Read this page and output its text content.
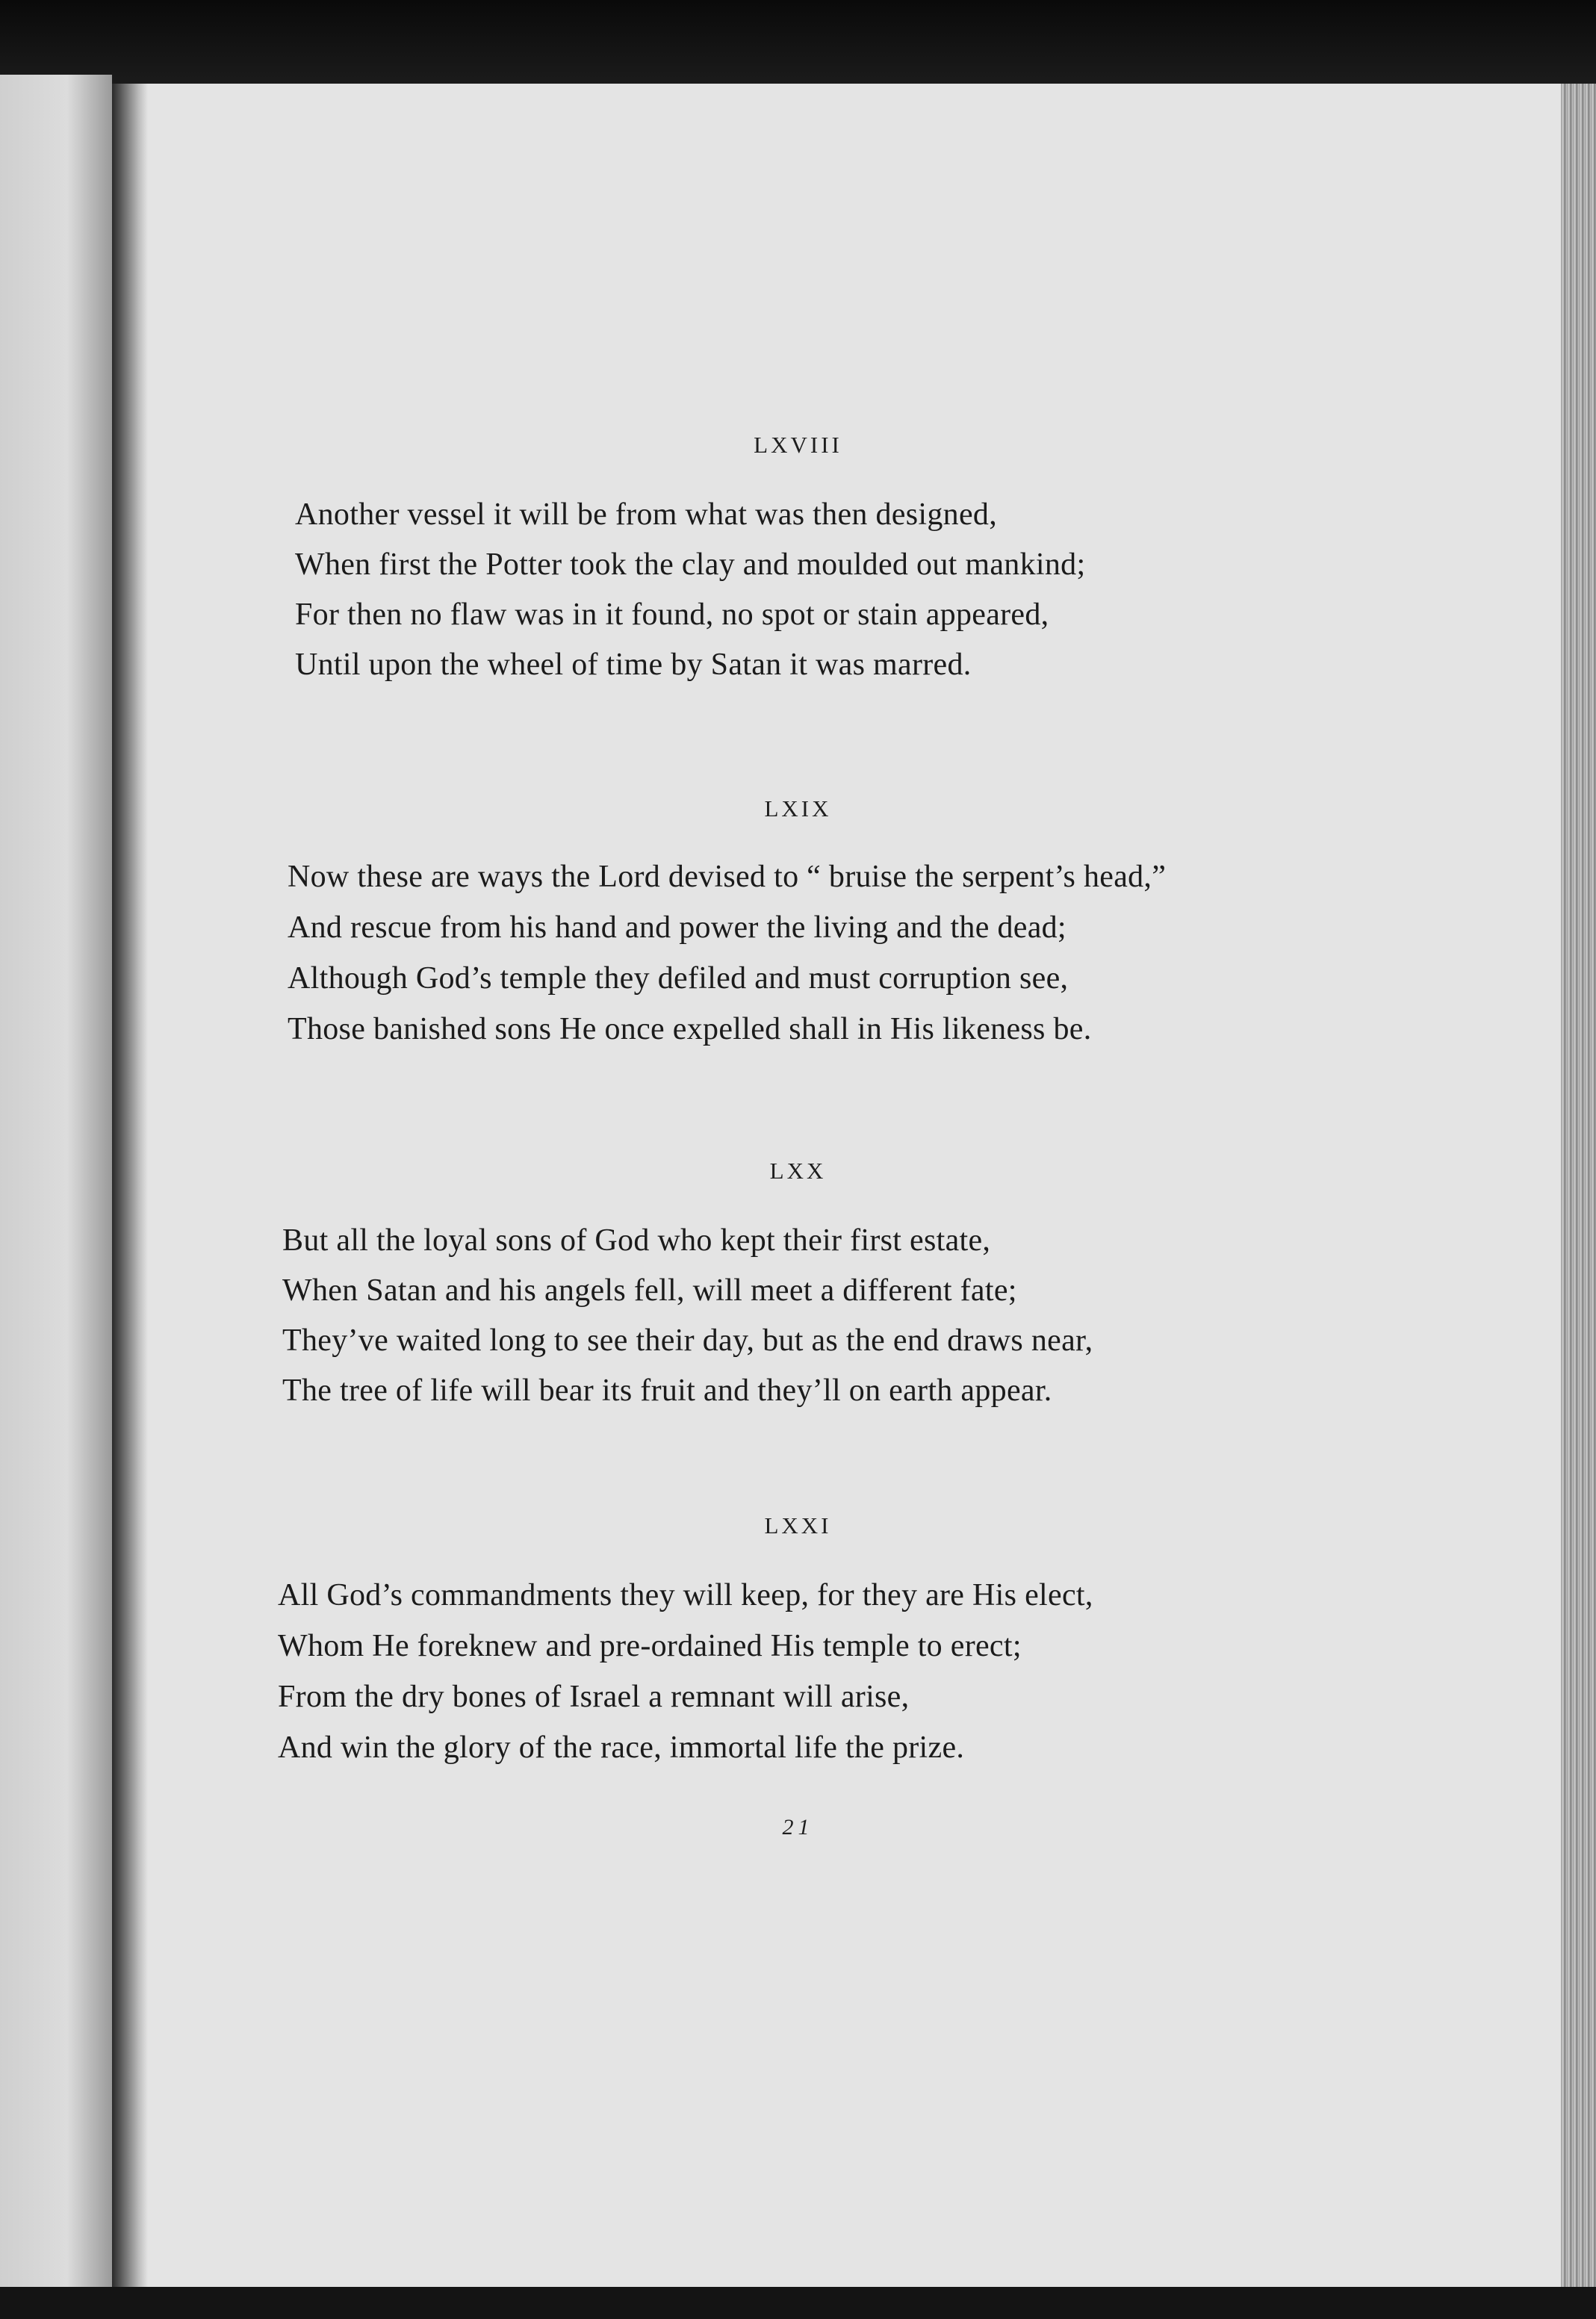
LXVIII
Another vessel it will be from what was then designed,
When first the Potter took the clay and moulded out mankind;
For then no flaw was in it found, no spot or stain appeared,
Until upon the wheel of time by Satan it was marred.
LXIX
Now these are ways the Lord devised to “ bruise the serpent’s head,”
And rescue from his hand and power the living and the dead;
Although God’s temple they defiled and must corruption see,
Those banished sons He once expelled shall in His likeness be.
LXX
But all the loyal sons of God who kept their first estate,
When Satan and his angels fell, will meet a different fate;
They’ve waited long to see their day, but as the end draws near,
The tree of life will bear its fruit and they’ll on earth appear.
LXXI
All God’s commandments they will keep, for they are His elect,
Whom He foreknew and pre-ordained His temple to erect;
From the dry bones of Israel a remnant will arise,
And win the glory of the race, immortal life the prize.
21
